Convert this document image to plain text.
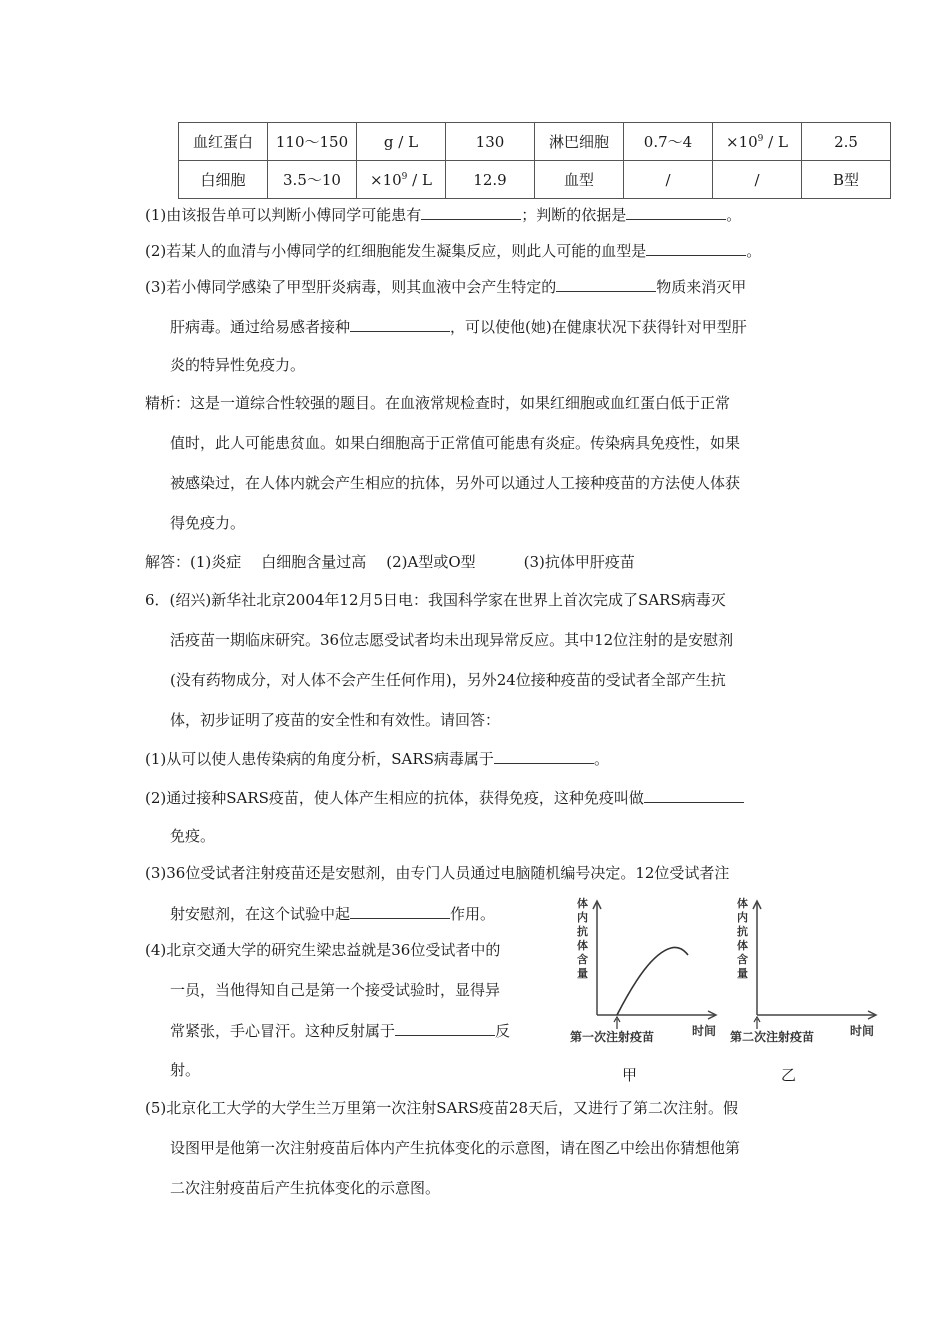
血红蛋白	110～150	g / L	130	淋巴细胞	0.7～4	$\times 10^9 / L$	2.5
白细胞	3.5～10	$\times 10^9 / L$	12.9	血型	/	/	B型
(1)由该报告单可以判断小傅同学可能患有	；判断的依据是	。
(2)若某人的血清与小傅同学的红细胞能发生凝集反应，则此人可能的血型是	。
(3)若小傅同学感染了甲型肝炎病毒，则其血液中会产生特定的	物质来消灭甲
肝病毒。通过给易感者接种	，可以使他(她)在健康状况下获得针对甲型肝
炎的特异性免疫力。
精析：这是一道综合性较强的题目。在血液常规检查时，如果红细胞或血红蛋白低于正常
值时，此人可能患贫血。如果白细胞高于正常值可能患有炎症。传染病具免疫性，如果
被感染过，在人体内就会产生相应的抗体，另外可以通过人工接种疫苗的方法使人体获
得免疫力。
解答：(1)炎症 白细胞含量过高 (2)A型或O型	(3)抗体甲肝疫苗
6．(绍兴)新华社北京2004年12月5日电：我国科学家在世界上首次完成了SARS病毒灭
活疫苗一期临床研究。36位志愿受试者均未出现异常反应。其中12位注射的是安慰剂
(没有药物成分，对人体不会产生任何作用)，另外24位接种疫苗的受试者全部产生抗
体，初步证明了疫苗的安全性和有效性。请回答：
(1)从可以使人患传染病的角度分析，SARS病毒属于	。
(2)通过接种SARS疫苗，使人体产生相应的抗体，获得免疫，这种免疫叫做
免疫。
(3)36位受试者注射疫苗还是安慰剂，由专门人员通过电脑随机编号决定。12位受试者注
射安慰剂，在这个试验中起	作用。
(4)北京交通大学的研究生梁忠益就是36位受试者中的
一员，当他得知自己是第一个接受试验时，显得异
常紧张，手心冒汗。这种反射属于	反
射。
(5)北京化工大学的大学生兰万里第一次注射SARS疫苗28天后，又进行了第二次注射。假
设图甲是他第一次注射疫苗后体内产生抗体变化的示意图，请在图乙中绘出你猜想他第
二次注射疫苗后产生抗体变化的示意图。
体
内
抗
体
含
量
第一次注射疫苗	时间
甲
体
内
抗
体
含
量
第二次注射疫苗	时间
乙
